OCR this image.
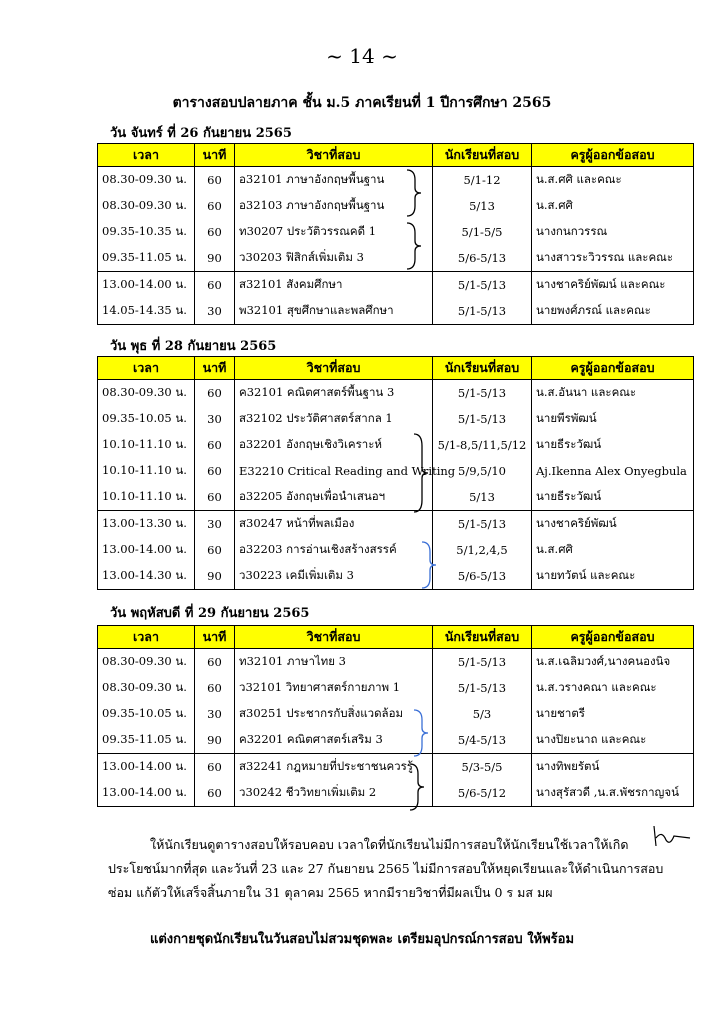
~ 14 ~
ตารางสอบปลายภาค ชั้น ม.5 ภาคเรียนที่ 1 ปีการศึกษา 2565
วัน จันทร์ ที่ 26 กันยายน 2565
เวลา	นาที	วิชาที่สอบ	นักเรียนที่สอบ	ครูผู้ออกข้อสอบ
08.30-09.30 น.	60	อ32101 ภาษาอังกฤษพื้นฐาน	5/1-12	น.ส.ศศิ และคณะ
08.30-09.30 น.	60	อ32103 ภาษาอังกฤษพื้นฐาน	5/13	น.ส.ศศิ
09.35-10.35 น.	60	ท30207 ประวัติวรรณคดี 1	5/1-5/5	นางกนกวรรณ
09.35-11.05 น.	90	ว30203 ฟิสิกส์เพิ่มเติม 3	5/6-5/13	นางสาวระวิวรรณ และคณะ
13.00-14.00 น.	60	ส32101 สังคมศึกษา	5/1-5/13	นางชาคริย์พัฒน์ และคณะ
14.05-14.35 น.	30	พ32101 สุขศึกษาและพลศึกษา	5/1-5/13	นายพงศ์ภรณ์ และคณะ
วัน พุธ ที่ 28 กันยายน 2565
เวลา	นาที	วิชาที่สอบ	นักเรียนที่สอบ	ครูผู้ออกข้อสอบ
08.30-09.30 น.	60	ค32101 คณิตศาสตร์พื้นฐาน 3	5/1-5/13	น.ส.อันนา และคณะ
09.35-10.05 น.	30	ส32102 ประวัติศาสตร์สากล 1	5/1-5/13	นายพีรพัฒน์
10.10-11.10 น.	60	อ32201 อังกฤษเชิงวิเคราะห์	5/1-8,5/11,5/12	นายธีระวัฒน์
10.10-11.10 น.	60	E32210 Critical Reading and Writing	5/9,5/10	Aj.Ikenna Alex Onyegbula
10.10-11.10 น.	60	อ32205 อังกฤษเพื่อนำเสนอฯ	5/13	นายธีระวัฒน์
13.00-13.30 น.	30	ส30247 หน้าที่พลเมือง	5/1-5/13	นางชาคริย์พัฒน์
13.00-14.00 น.	60	อ32203 การอ่านเชิงสร้างสรรค์	5/1,2,4,5	น.ส.ศศิ
13.00-14.30 น.	90	ว30223 เคมีเพิ่มเติม 3	5/6-5/13	นายทวัตน์ และคณะ
วัน พฤหัสบดี ที่ 29 กันยายน 2565
เวลา	นาที	วิชาที่สอบ	นักเรียนที่สอบ	ครูผู้ออกข้อสอบ
08.30-09.30 น.	60	ท32101 ภาษาไทย 3	5/1-5/13	น.ส.เฉลิมวงศ์,นางคนองนิจ
08.30-09.30 น.	60	ว32101 วิทยาศาสตร์กายภาพ 1	5/1-5/13	น.ส.วรางคณา และคณะ
09.35-10.05 น.	30	ส30251 ประชากรกับสิ่งแวดล้อม	5/3	นายชาตรี
09.35-11.05 น.	90	ค32201 คณิตศาสตร์เสริม 3	5/4-5/13	นางปิยะนาถ และคณะ
13.00-14.00 น.	60	ส32241 กฎหมายที่ประชาชนควรรู้	5/3-5/5	นางทิพยรัตน์
13.00-14.00 น.	60	ว30242 ชีววิทยาเพิ่มเติม 2	5/6-5/12	นางสุรัสวดี ,น.ส.พัชรกาญจน์
ให้นักเรียนดูตารางสอบให้รอบคอบ เวลาใดที่นักเรียนไม่มีการสอบให้นักเรียนใช้เวลาให้เกิด
ประโยชน์มากที่สุด และวันที่ 23 และ 27 กันยายน 2565 ไม่มีการสอบให้หยุดเรียนและให้ดำเนินการสอบ
ซ่อม แก้ตัวให้เสร็จสิ้นภายใน 31 ตุลาคม 2565 หากมีรายวิชาที่มีผลเป็น 0 ร มส มผ
แต่งกายชุดนักเรียนในวันสอบไม่สวมชุดพละ เตรียมอุปกรณ์การสอบ ให้พร้อม
